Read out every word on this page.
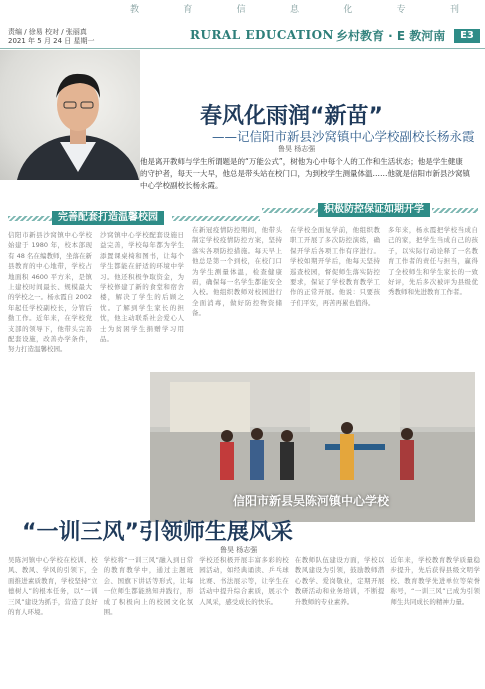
教	育	信	息	化	专	刊
责编 / 徐易 校对 / 张丽真
2021 年 5 月 24 日 星期一	RURAL EDUCATION 乡村教育 · E 教河南	E3
春风化雨润“新苗”
——记信阳市新县沙窝镇中心学校副校长杨永霞
鲁昊 杨志强
他是离开教师与学生所谓题是的“万能公式”，树他为心中每个人的工作和生活状态；他是学生健康的守护者，每天一大早，他总是带头站在校门口，为到校学生测量体温……他就是信阳市新县沙窝镇中心学校副校长杨永霞。
完善配套打造温馨校园
积极防控保证如期开学
信阳市新县沙窝镇中心学校始建于 1980 年，校本部现有 48 名在编教师，坐落在新县教育的中心地带，学校占地面积 4600 平方米，是镇上建校时间最长、规模最大的学校之一。杨永霞自 2002 年起任学校副校长，分管后勤工作。近年来，在学校党支部的领导下，他带头完善配套设施，改善办学条件，努力打造温馨校园。
沙窝镇中心学校配套设施日益完善，学校每年都为学生添置课桌椅和图书，让每个学生都能在舒适的环境中学习。他还积极争取资金，为学校修建了新的食堂和宿舍楼，解决了学生的后顾之忧。了解到学生家长的担忧，他主动联系社会爱心人士为贫困学生捐赠学习用品。
在新冠疫情防控期间，他带头制定学校疫情防控方案，坚持落实各项防控措施。每天早上他总是第一个到校，在校门口为学生测量体温，检查健康码，确保每一名学生都能安全入校。他组织教师对校园进行全面消毒，做好防控物资储备。
在学校全面复学前，他组织教职工开展了多次防控演练，确保开学后各项工作有序进行。学校如期开学后，他每天坚持巡查校园，督促师生落实防控要求，保证了学校教育教学工作的正常开展。他说：只要孩子们平安，再苦再累也值得。
多年来，杨永霞把学校当成自己的家，把学生当成自己的孩子，以实际行动诠释了一名教育工作者的责任与担当，赢得了全校师生和学生家长的一致好评，先后多次被评为县级优秀教师和先进教育工作者。
信阳市新县吴陈河镇中心学校
“一训三风”引领师生展风采
鲁昊 杨志强
吴陈河镇中心学校在校训、校风、教风、学风的引领下，全面推进素质教育，学校坚持“立德树人”的根本任务，以“一训三风”建设为抓手，营造了良好的育人环境。
学校将“一训三风”融入到日常的教育教学中，通过主题班会、国旗下讲话等形式，让每一位师生都能熟知并践行，形成了积极向上的校园文化氛围。
学校还积极开展丰富多彩的校园活动，如经典诵读、乒乓球比赛、书法展示等，让学生在活动中提升综合素质，展示个人风采，感受成长的快乐。
在教师队伍建设方面，学校以教风建设为引领，鼓励教师潜心教学、爱岗敬业，定期开展教研活动和业务培训，不断提升教师的专业素养。
近年来，学校教育教学质量稳步提升，先后获得县级文明学校、教育教学先进单位等荣誉称号，“一训三风”已成为引领师生共同成长的精神力量。
